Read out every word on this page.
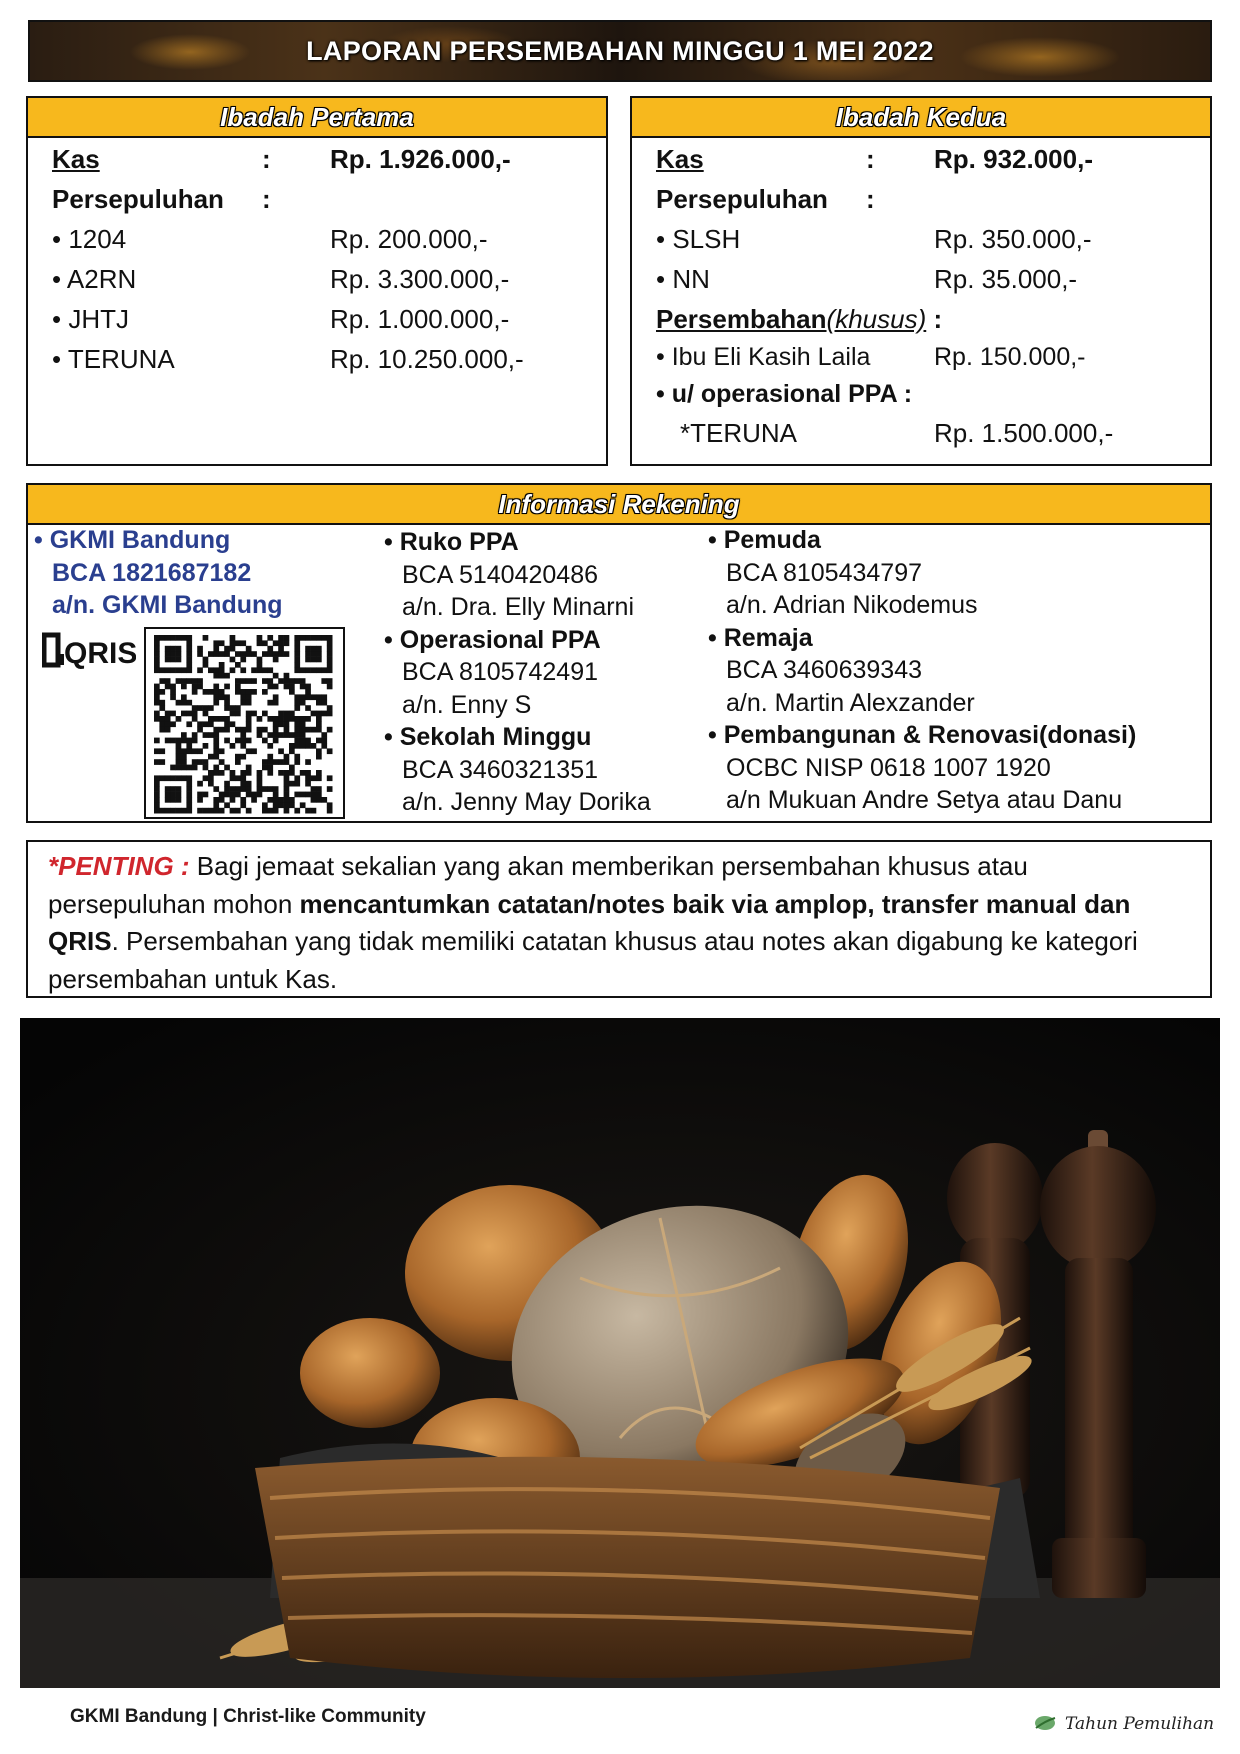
LAPORAN PERSEMBAHAN MINGGU 1 MEI 2022
Ibadah Pertama
Kas	: Rp. 1.926.000,-
Persepuluhan :
• 1204	Rp. 200.000,-
• A2RN	Rp. 3.300.000,-
• JHTJ	Rp. 1.000.000,-
• TERUNA	Rp. 10.250.000,-
Ibadah Kedua
Kas	: Rp. 932.000,-
Persepuluhan :
• SLSH	Rp. 350.000,-
• NN	Rp. 35.000,-
Persembahan(khusus) :
• Ibu Eli Kasih Laila	Rp. 150.000,-
• u/ operasional PPA :
*TERUNA	Rp. 1.500.000,-
Informasi Rekening
• GKMI Bandung
BCA 1821687182
a/n. GKMI Bandung
QRIS
• Ruko PPA
BCA 5140420486
a/n. Dra. Elly Minarni
• Operasional PPA
BCA 8105742491
a/n. Enny S
• Sekolah Minggu
BCA 3460321351
a/n. Jenny May Dorika
• Pemuda
BCA 8105434797
a/n. Adrian Nikodemus
• Remaja
BCA 3460639343
a/n. Martin Alexzander
• Pembangunan & Renovasi(donasi)
OCBC NISP 0618 1007 1920
a/n Mukuan Andre Setya atau Danu
*PENTING : Bagi jemaat sekalian yang akan memberikan persembahan khusus atau persepuluhan mohon mencantumkan catatan/notes baik via amplop, transfer manual dan QRIS. Persembahan yang tidak memiliki catatan khusus atau notes akan digabung ke kategori persembahan untuk Kas.
GKMI Bandung | Christ-like Community	Tahun Pemulihan
